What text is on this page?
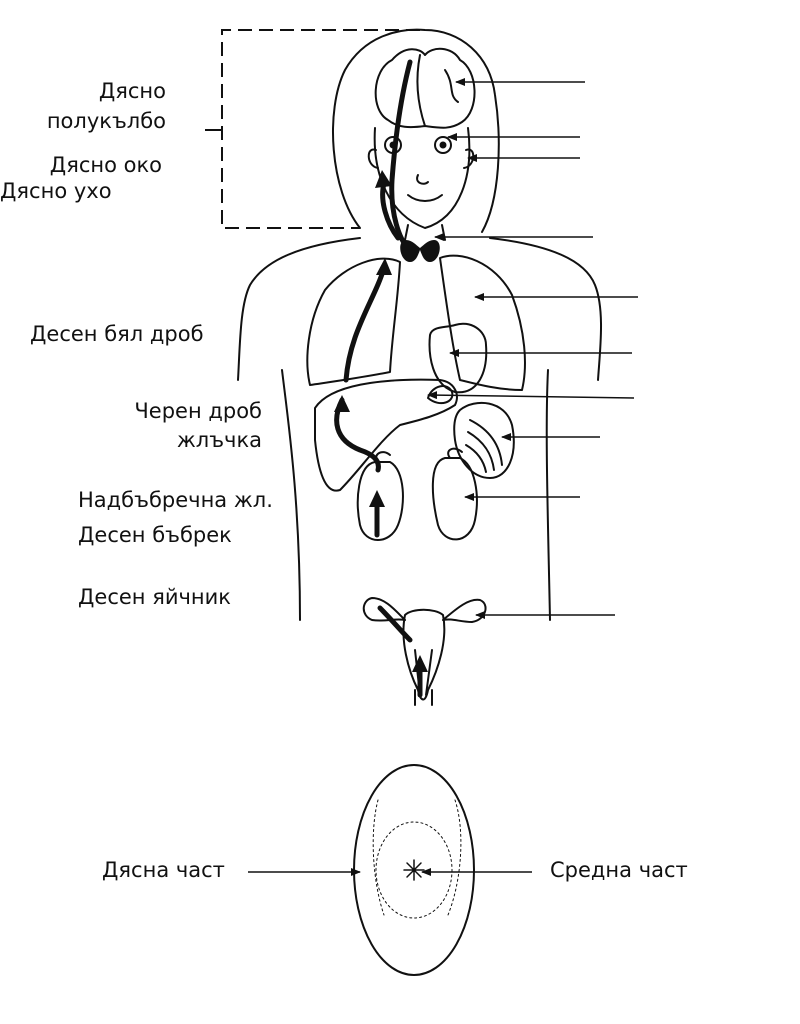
Дясно
полукълбо
Дясно око
Дясно ухо
Десен бял дроб
Черен дроб
жлъчка
Надбъбречна жл.
Десен бъбрек
Десен яйчник
Дясна част	Средна част
